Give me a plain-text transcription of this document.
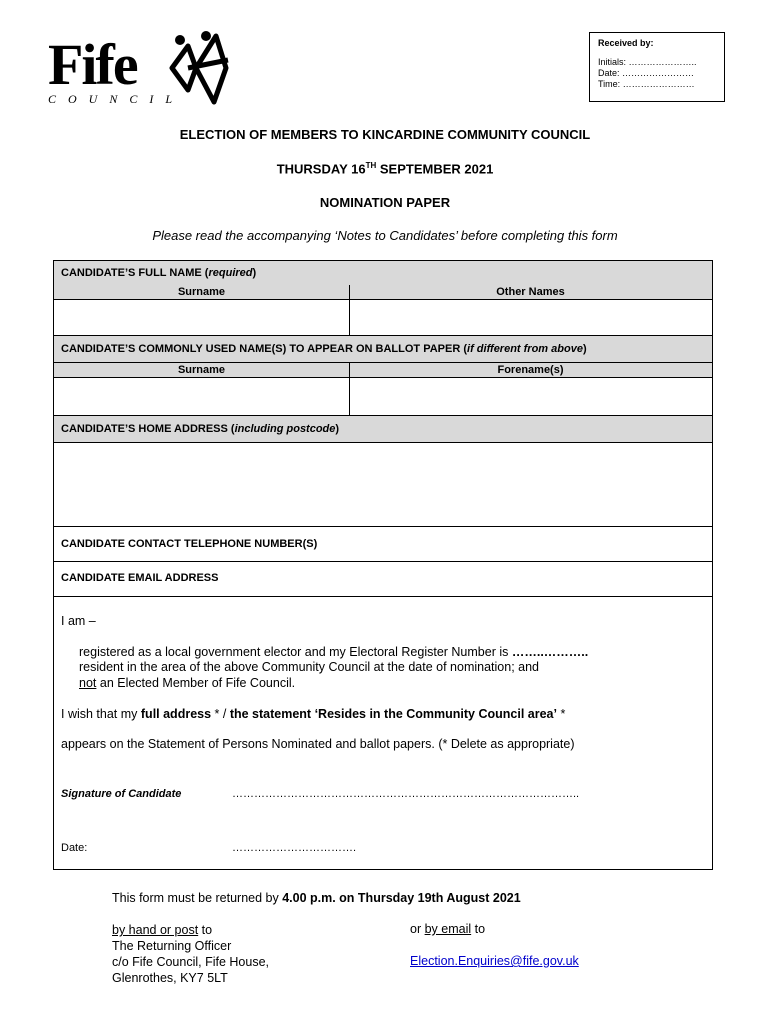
Fife
COUNCIL
Received by:
Initials: …………………..
Date: ……………………
Time: ……………………
ELECTION OF MEMBERS TO KINCARDINE COMMUNITY COUNCIL
THURSDAY 16TH SEPTEMBER 2021
NOMINATION PAPER
Please read the accompanying ‘Notes to Candidates’ before completing this form
CANDIDATE’S FULL NAME (required)
Surname	Other Names
CANDIDATE’S COMMONLY USED NAME(S) TO APPEAR ON BALLOT PAPER (if different from above)
Surname	Forename(s)
CANDIDATE’S HOME ADDRESS (including postcode)
CANDIDATE CONTACT TELEPHONE NUMBER(S)
CANDIDATE EMAIL ADDRESS
I am –
registered as a local government elector and my Electoral Register Number is ……..………..
resident in the area of the above Community Council at the date of nomination; and
not an Elected Member of Fife Council.
I wish that my full address * / the statement ‘Resides in the Community Council area’ *
appears on the Statement of Persons Nominated and ballot papers. (* Delete as appropriate)
Signature of Candidate	…………………………………………………………………………………..
Date:	…………………………….
This form must be returned by 4.00 p.m. on Thursday 19th August 2021
by hand or post to
The Returning Officer
c/o Fife Council, Fife House,
Glenrothes, KY7 5LT
or by email to
Election.Enquiries@fife.gov.uk
